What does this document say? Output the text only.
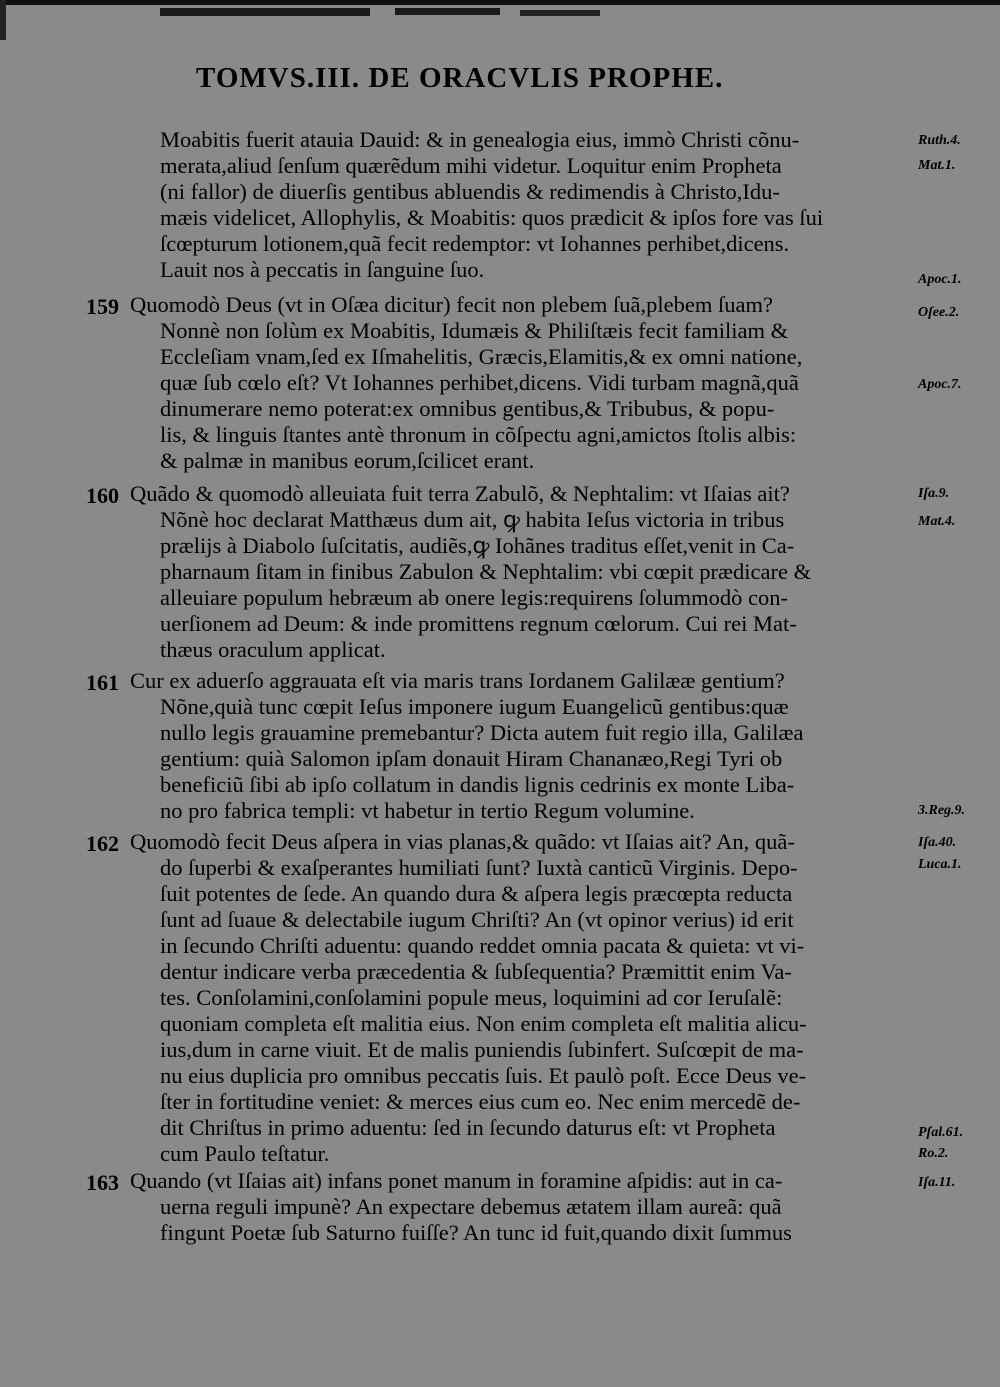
TOMVS.III. DE ORACVLIS PROPHE.
Moabitis fuerit atauia Dauid: & in genealogia eius, immò Christi cõnu-
merata,aliud ſenſum quærẽdum mihi videtur. Loquitur enim Propheta
(ni fallor) de diuerſis gentibus abluendis & redimendis à Christo,Idu-
mæis videlicet, Allophylis, & Moabitis: quos prædicit & ipſos fore vas ſui
ſcœpturum lotionem,quã fecit redemptor: vt Iohannes perhibet,dicens.
Lauit nos à peccatis in ſanguine ſuo.
Quomodò Deus (vt in Oſæa dicitur) fecit non plebem ſuã,plebem ſuam?
Nonnè non ſolùm ex Moabitis, Idumæis & Philiſtæis fecit familiam &
Eccleſiam vnam,ſed ex Iſmahelitis, Græcis,Elamitis,& ex omni natione,
quæ ſub cœlo eſt? Vt Iohannes perhibet,dicens. Vidi turbam magnã,quã
dinumerare nemo poterat:ex omnibus gentibus,& Tribubus, & popu-
lis, & linguis ſtantes antè thronum in cõſpectu agni,amictos ſtolis albis:
& palmæ in manibus eorum,ſcilicet erant.
Quãdo & quomodò alleuiata fuit terra Zabulõ, & Nephtalim: vt Iſaias ait?
Nõnè hoc declarat Matthæus dum ait, ꝙ habita Ieſus victoria in tribus
prælijs à Diabolo ſuſcitatis, audiẽs,ꝙ Iohãnes traditus eſſet,venit in Ca-
pharnaum ſitam in finibus Zabulon & Nephtalim: vbi cœpit prædicare &
alleuiare populum hebræum ab onere legis:requirens ſolummodò con-
uerſionem ad Deum: & inde promittens regnum cœlorum. Cui rei Mat-
thæus oraculum applicat.
Cur ex aduerſo aggrauata eſt via maris trans Iordanem Galilææ gentium?
Nõne,quià tunc cœpit Ieſus imponere iugum Euangelicũ gentibus:quæ
nullo legis grauamine premebantur? Dicta autem fuit regio illa, Galilæa
gentium: quià Salomon ipſam donauit Hiram Chananæo,Regi Tyri ob
beneficiũ ſibi ab ipſo collatum in dandis lignis cedrinis ex monte Liba-
no pro fabrica templi: vt habetur in tertio Regum volumine.
Quomodò fecit Deus aſpera in vias planas,& quãdo: vt Iſaias ait? An, quã-
do ſuperbi & exaſperantes humiliati ſunt? Iuxtà canticũ Virginis. Depo-
ſuit potentes de ſede. An quando dura & aſpera legis præcœpta reducta
ſunt ad ſuaue & delectabile iugum Chriſti? An (vt opinor verius) id erit
in ſecundo Chriſti aduentu: quando reddet omnia pacata & quieta: vt vi-
dentur indicare verba præcedentia & ſubſequentia? Præmittit enim Va-
tes. Conſolamini,conſolamini popule meus, loquimini ad cor Ieruſalẽ:
quoniam completa eſt malitia eius. Non enim completa eſt malitia alicu-
ius,dum in carne viuit. Et de malis puniendis ſubinfert. Suſcœpit de ma-
nu eius duplicia pro omnibus peccatis ſuis. Et paulò poſt. Ecce Deus ve-
ſter in fortitudine veniet: & merces eius cum eo. Nec enim mercedẽ de-
dit Chriſtus in primo aduentu: ſed in ſecundo daturus eſt: vt Propheta
cum Paulo teſtatur.
Quando (vt Iſaias ait) infans ponet manum in foramine aſpidis: aut in ca-
uerna reguli impunè? An expectare debemus ætatem illam aureã: quã
fingunt Poetæ ſub Saturno fuiſſe? An tunc id fuit,quando dixit ſummus
159
160
161
162
163
Ruth.4.
Mat.1.
Apoc.1.
Oſee.2.
Apoc.7.
Iſa.9.
Mat.4.
3.Reg.9.
Iſa.40.
Luca.1.
Pſal.61.
Ro.2.
Iſa.11.
